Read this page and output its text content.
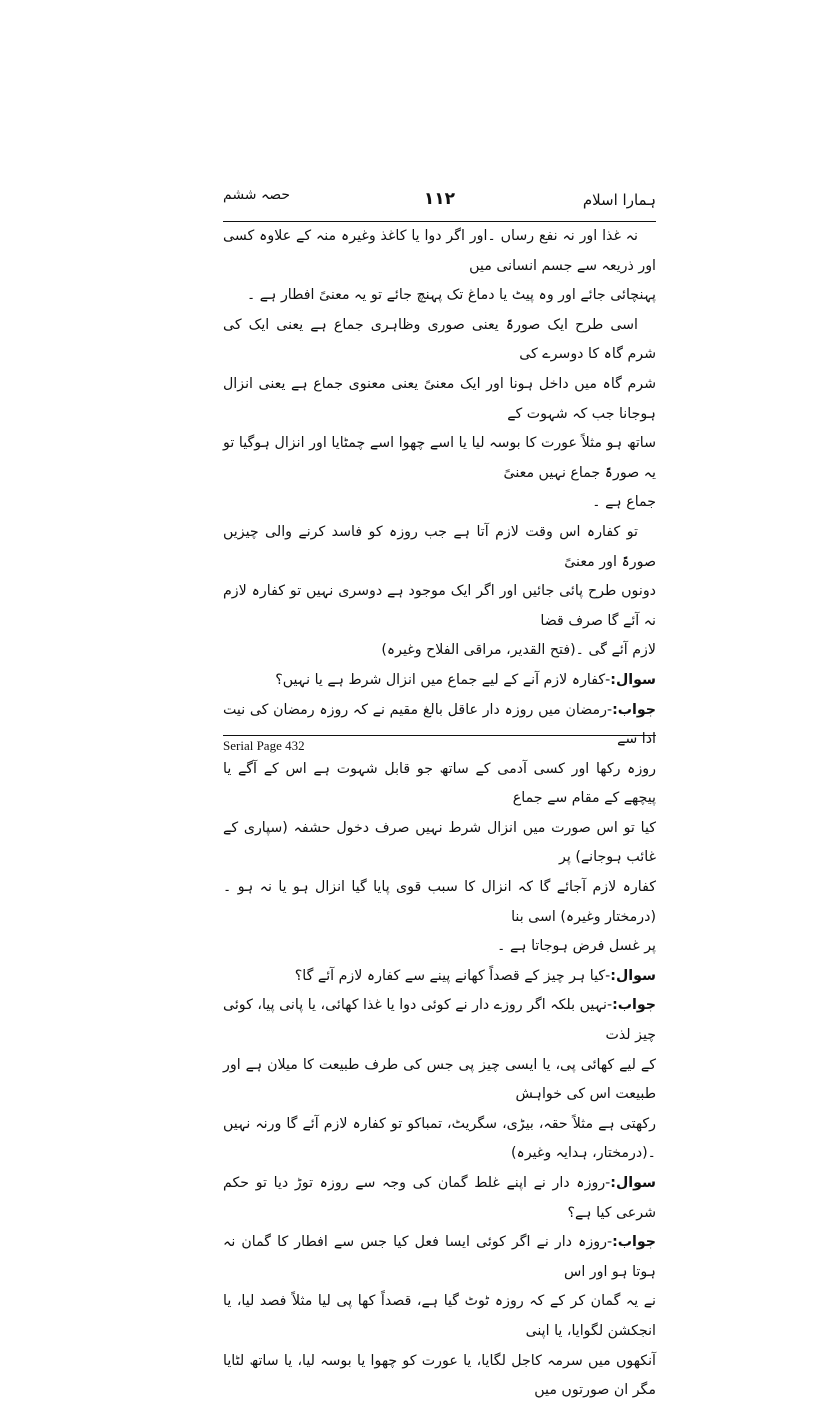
ہمارا اسلام
۱۱۲
حصہ ششم

نہ غذا اور نہ نفع رساں ۔اور اگر دوا یا کاغذ وغیرہ منہ کے علاوہ کسی اور ذریعہ سے جسم انسانی میں

پہنچائی جائے اور وہ پیٹ یا دماغ تک پہنچ جائے تو یہ معنیً افطار ہے ۔

اسی طرح ایک صورۃً یعنی صوری وظاہری جماع ہے یعنی ایک کی شرم گاہ کا دوسرے کی

شرم گاہ میں داخل ہونا اور ایک معنیً یعنی معنوی جماع ہے یعنی انزال ہوجانا جب کہ شہوت کے

ساتھ ہو مثلاً عورت کا بوسہ لیا یا اسے چھوا اسے چمٹایا اور انزال ہوگیا تو یہ صورۃً جماع نہیں معنیً

جماع ہے ۔

تو کفارہ اس وقت لازم آتا ہے جب روزہ کو فاسد کرنے والی چیزیں صورۃً اور معنیً

دونوں طرح پائی جائیں اور اگر ایک موجود ہے دوسری نہیں تو کفارہ لازم نہ آئے گا صرف قضا

لازم آئے گی ۔(فتح القدیر، مراقی الفلاح وغیرہ)

سوال:-کفارہ لازم آنے کے لیے جماع میں انزال شرط ہے یا نہیں؟

جواب:-رمضان میں روزہ دار عاقل بالغ مقیم نے کہ روزہ رمضان کی نیت ادا سے

روزہ رکھا اور کسی آدمی کے ساتھ جو قابل شہوت ہے اس کے آگے یا پیچھے کے مقام سے جماع

کیا تو اس صورت میں انزال شرط نہیں صرف دخول حشفہ (سپاری کے غائب ہوجانے) پر

کفارہ لازم آجائے گا کہ انزال کا سبب قوی پایا گیا انزال ہو یا نہ ہو ۔(درمختار وغیرہ) اسی بنا

پر غسل فرض ہوجاتا ہے ۔

سوال:-کیا ہر چیز کے قصداً کھانے پینے سے کفارہ لازم آئے گا؟

جواب:-نہیں بلکہ اگر روزے دار نے کوئی دوا یا غذا کھائی، یا پانی پیا، کوئی چیز لذت

کے لیے کھائی پی، یا ایسی چیز پی جس کی طرف طبیعت کا میلان ہے اور طبیعت اس کی خواہش

رکھتی ہے مثلاً حقہ، بیڑی، سگریٹ، تمباکو تو کفارہ لازم آئے گا ورنہ نہیں ۔(درمختار، ہدایہ وغیرہ)

سوال:-روزہ دار نے اپنے غلط گمان کی وجہ سے روزہ توڑ دیا تو حکم شرعی کیا ہے؟

جواب:-روزہ دار نے اگر کوئی ایسا فعل کیا جس سے افطار کا گمان نہ ہوتا ہو اور اس

نے یہ گمان کر کے کہ روزہ ٹوٹ گیا ہے، قصداً کھا پی لیا مثلاً فصد لیا، یا انجکشن لگوایا، یا اپنی

آنکھوں میں سرمہ کاجل لگایا، یا عورت کو چھوا یا بوسہ لیا، یا ساتھ لٹایا مگر ان صورتوں میں

Serial Page 432
